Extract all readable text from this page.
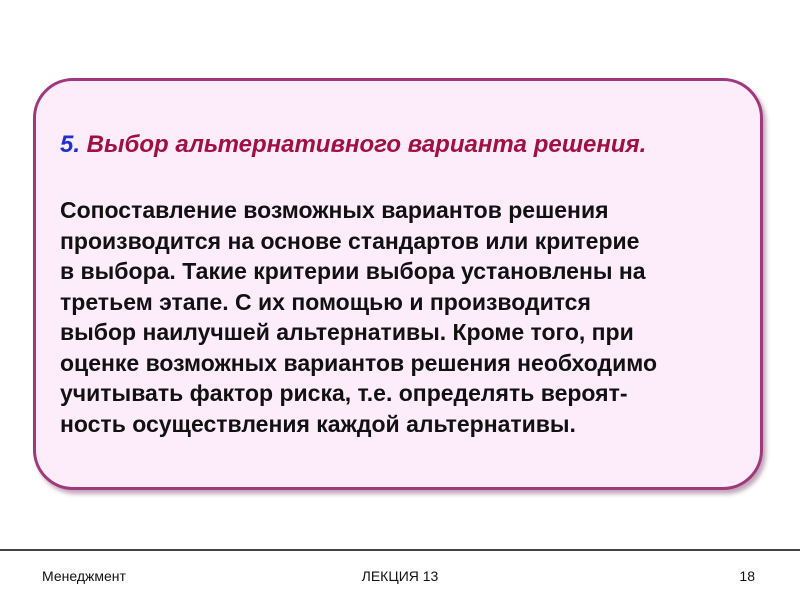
5. Выбор альтернативного варианта решения.

Сопоставление возможных вариантов решения
производится на основе стандартов или критерие
в выбора. Такие критерии выбора установлены на
третьем этапе. С их помощью и производится
выбор наилучшей альтернативы. Кроме того, при
оценке возможных вариантов решения необходимо
учитывать фактор риска, т.е. определять вероят-
ность осуществления каждой альтернативы.

Менеджмент	ЛЕКЦИЯ 13	18
